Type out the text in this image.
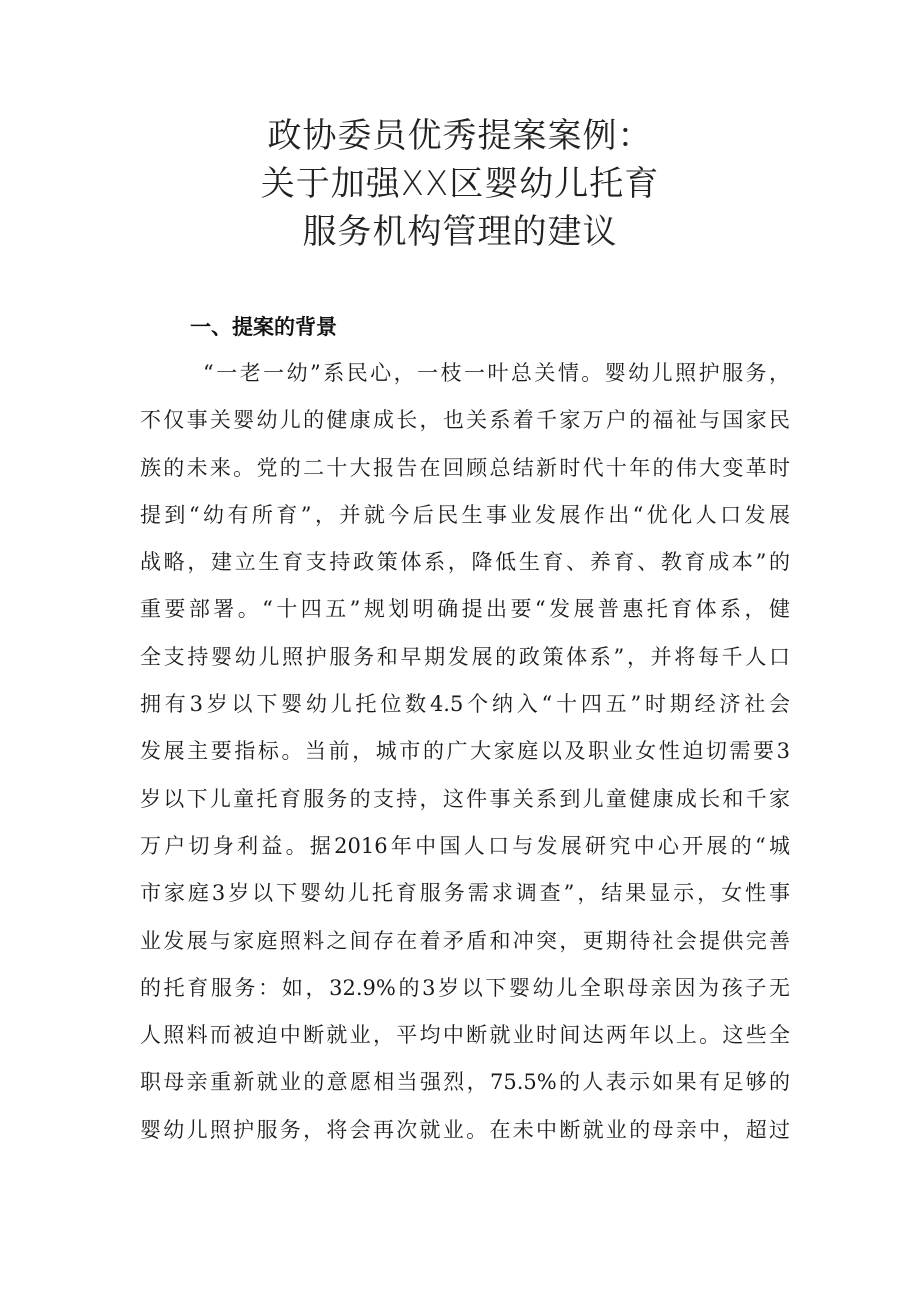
政协委员优秀提案案例：
关于加强XX区婴幼儿托育
服务机构管理的建议
一、提案的背景
“一老一幼”系民心，一枝一叶总关情。婴幼儿照护服务，
不仅事关婴幼儿的健康成长，也关系着千家万户的福祉与国家民
族的未来。党的二十大报告在回顾总结新时代十年的伟大变革时
提到“幼有所育”，并就今后民生事业发展作出“优化人口发展
战略，建立生育支持政策体系，降低生育、养育、教育成本”的
重要部署。“十四五”规划明确提出要“发展普惠托育体系，健
全支持婴幼儿照护服务和早期发展的政策体系”，并将每千人口
拥有3岁以下婴幼儿托位数4.5个纳入“十四五”时期经济社会
发展主要指标。当前，城市的广大家庭以及职业女性迫切需要3
岁以下儿童托育服务的支持，这件事关系到儿童健康成长和千家
万户切身利益。据2016年中国人口与发展研究中心开展的“城
市家庭3岁以下婴幼儿托育服务需求调查”，结果显示，女性事
业发展与家庭照料之间存在着矛盾和冲突，更期待社会提供完善
的托育服务：如，32.9%的3岁以下婴幼儿全职母亲因为孩子无
人照料而被迫中断就业，平均中断就业时间达两年以上。这些全
职母亲重新就业的意愿相当强烈，75.5%的人表示如果有足够的
婴幼儿照护服务，将会再次就业。在未中断就业的母亲中，超过
